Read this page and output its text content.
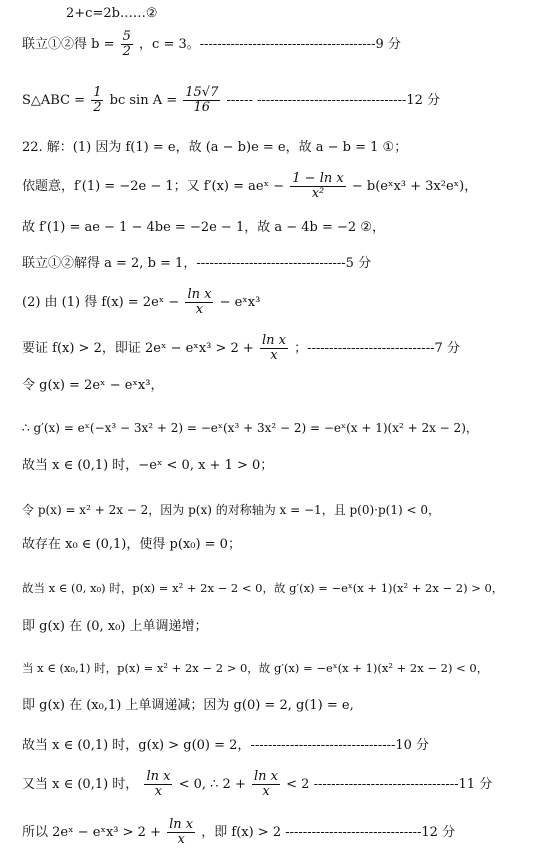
2+c=2b……②
联立①②得 $b = \frac{5}{2}$ ，c = 3。----------------------------------------9 分
S△ABC = $\frac{1}{2}$ bc $\sin A = \frac{15√7}{16}$ ------ ----------------------------------12 分
22. 解：(1) 因为 f(1) = e，故 (a − b)e = e，故 a − b = 1 ①；
依题意，f′(1) = −2e − 1；又 f′(x) = aeˣ − $\frac{\text{1 − ln x}}{\text{x²}}$ − b(eˣx³ + 3x²eˣ)，
故 f′(1) = ae − 1 − 4be = −2e − 1，故 a − 4b = −2 ②，
联立①②解得 a = 2, b = 1，----------------------------------5 分
(2) 由 (1) 得 f(x) = 2eˣ − $\frac{\text{ln x}}{x}$ − eˣx³
要证 f(x) > 2，即证 2eˣ − eˣx³ > $2 + \frac{\text{ln x}}{x}$ ；-----------------------------7 分
令 g(x) = 2eˣ − eˣx³，
∴ g′(x) = eˣ(−x³ − 3x² + 2) = −eˣ(x³ + 3x² − 2) = −eˣ(x + 1)(x² + 2x − 2)，
故当 x ∈ (0,1) 时，−eˣ < 0, x + 1 > 0；
令 p(x) = x² + 2x − 2，因为 p(x) 的对称轴为 x = −1，且 p(0)·p(1) < 0，
故存在 x₀ ∈ (0,1)，使得 p(x₀) = 0；
故当 x ∈ (0, x₀) 时，p(x) = x² + 2x − 2 < 0，故 g′(x) = −eˣ(x + 1)(x² + 2x − 2) > 0，
即 g(x) 在 (0, x₀) 上单调递增；
当 x ∈ (x₀,1) 时，p(x) = x² + 2x − 2 > 0，故 g′(x) = −eˣ(x + 1)(x² + 2x − 2) < 0，
即 g(x) 在 (x₀,1) 上单调递减；因为 g(0) = 2, g(1) = e,
故当 x ∈ (0,1) 时，g(x) > g(0) = 2，---------------------------------10 分
又当 x ∈ (0,1) 时， $\frac{\text{ln x}}{x} < 0$, ∴ $2 + \frac{\text{ln x}}{x} < 2$ ---------------------------------11 分
所以 2eˣ − eˣx³ > $2 + \frac{\text{ln x}}{x}$ ，即 f(x) > 2 -------------------------------12 分
